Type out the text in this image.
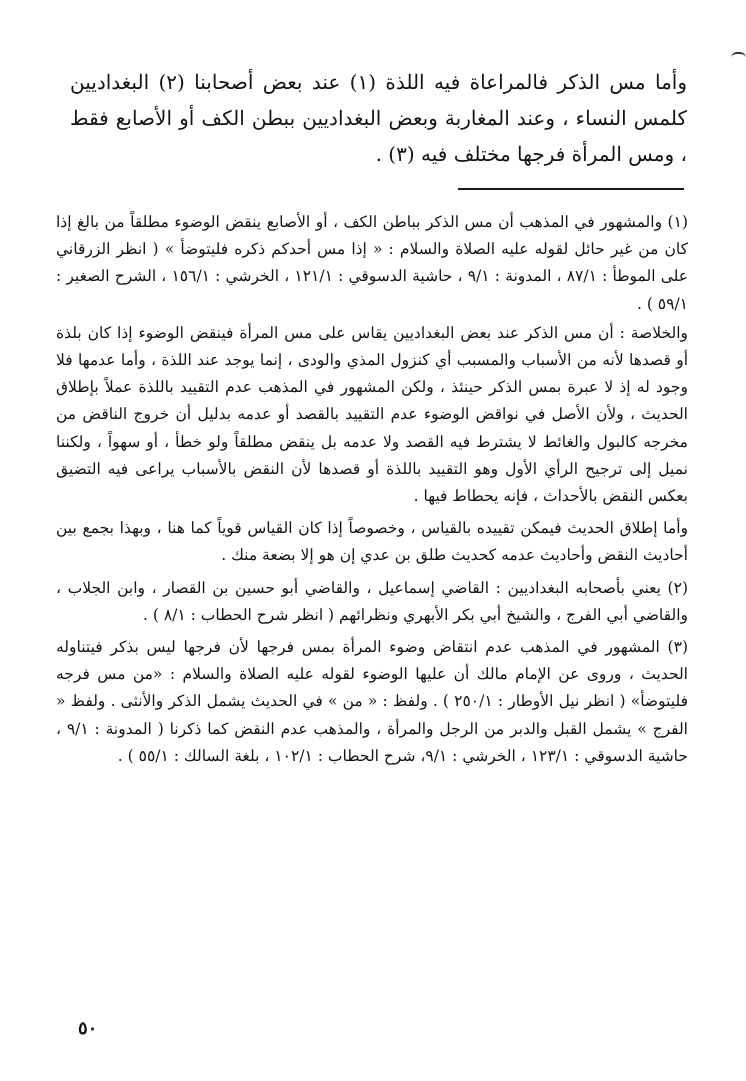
وأما مس الذكر فالمراعاة فيه اللذة (١) عند بعض أصحابنا (٢) البغداديين كلمس النساء ، وعند المغاربة وبعض البغداديين ببطن الكف أو الأصابع فقط ، ومس المرأة فرجها مختلف فيه (٣) .

(١) والمشهور في المذهب أن مس الذكر بباطن الكف ، أو الأصابع ينقض الوضوء مطلقاً من بالغ إذا كان من غير حائل لقوله عليه الصلاة والسلام : « إذا مس أحدكم ذكره فليتوضأ » ( انظر الزرقاني على الموطأ : ٨٧/١ ، المدونة : ٩/١ ، حاشية الدسوقي : ١٢١/١ ، الخرشي : ١٥٦/١ ، الشرح الصغير : ٥٩/١ ) .

والخلاصة : أن مس الذكر عند بعض البغداديين يقاس على مس المرأة فينقض الوضوء إذا كان بلذة أو قصدها لأنه من الأسباب والمسبب أي كنزول المذي والودى ، إنما يوجد عند اللذة ، وأما عدمها فلا وجود له إذ لا عبرة بمس الذكر حينئذ ، ولكن المشهور في المذهب عدم التقييد باللذة عملاً بإطلاق الحديث ، ولأن الأصل في نواقض الوضوء عدم التقييد بالقصد أو عدمه بدليل أن خروج الناقض من مخرجه كالبول والغائط لا يشترط فيه القصد ولا عدمه بل ينقض مطلقاً ولو خطأ ، أو سهواً ، ولكننا نميل إلى ترجيح الرأي الأول وهو التقييد باللذة أو قصدها لأن النقض بالأسباب يراعى فيه التضيق بعكس النقض بالأحداث ، فإنه يحطاط فيها .

وأما إطلاق الحديث فيمكن تقييده بالقياس ، وخصوصاً إذا كان القياس قوياً كما هنا ، وبهذا بجمع بين أحاديث النقض وأحاديث عدمه كحديث طلق بن عدي إن هو إلا بضعة منك .

(٢) يعني بأصحابه البغداديين : القاضي إسماعيل ، والقاضي أبو حسين بن القصار ، وابن الجلاب ، والقاضي أبي الفرج ، والشيخ أبي بكر الأبهري ونظرائهم ( انظر شرح الحطاب : ٨/١ ) .

(٣) المشهور في المذهب عدم انتقاض وضوء المرأة بمس فرجها لأن فرجها ليس بذكر فيتناوله الحديث ، وروى عن الإمام مالك أن عليها الوضوء لقوله عليه الصلاة والسلام : «من مس فرجه فليتوضأ» ( انظر نيل الأوطار : ٢٥٠/١ ) . ولفظ : « من » في الحديث يشمل الذكر والأنثى . ولفظ « الفرج » يشمل القبل والدبر من الرجل والمرأة ، والمذهب عدم النقض كما ذكرنا ( المدونة : ٩/١ ، حاشية الدسوقي : ١٢٣/١ ، الخرشي : ٩/١، شرح الحطاب : ١٠٢/١ ، بلغة السالك : ٥٥/١ ) .

٥٠
